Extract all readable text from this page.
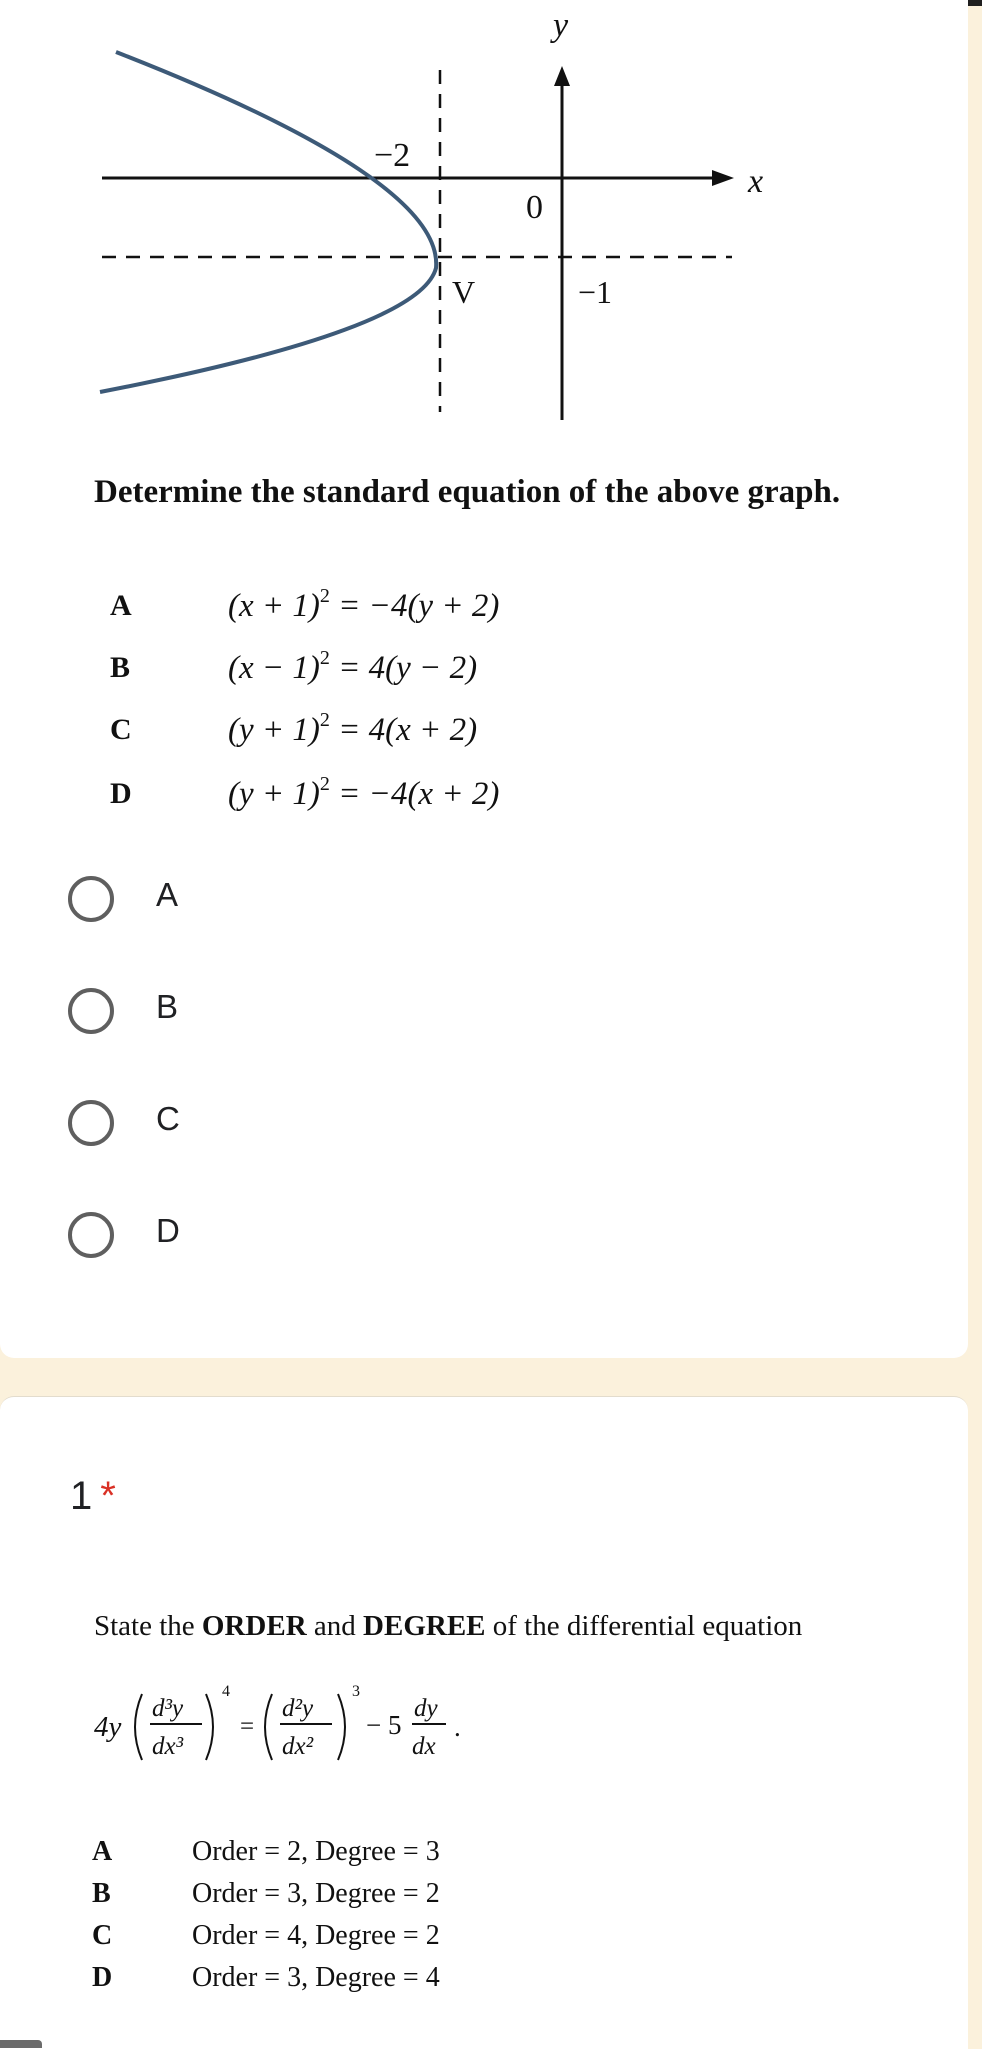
y
x
0
−2
−1
V
Determine the standard equation of the above graph.
A	$(x + 1)^2 = -4(y + 2)$
B	$(x - 1)^2 = 4(y - 2)$
C	$(y + 1)^2 = 4(x + 2)$
D	$(y + 1)^2 = -4(x + 2)$
A
B
C
D
1 *
State the ORDER and DEGREE of the differential equation
4y
d³y
dx³
4
=
d²y
dx²
3
− 5
dy
dx
.
A	Order = 2, Degree = 3
B	Order = 3, Degree = 2
C	Order = 4, Degree = 2
D	Order = 3, Degree = 4
